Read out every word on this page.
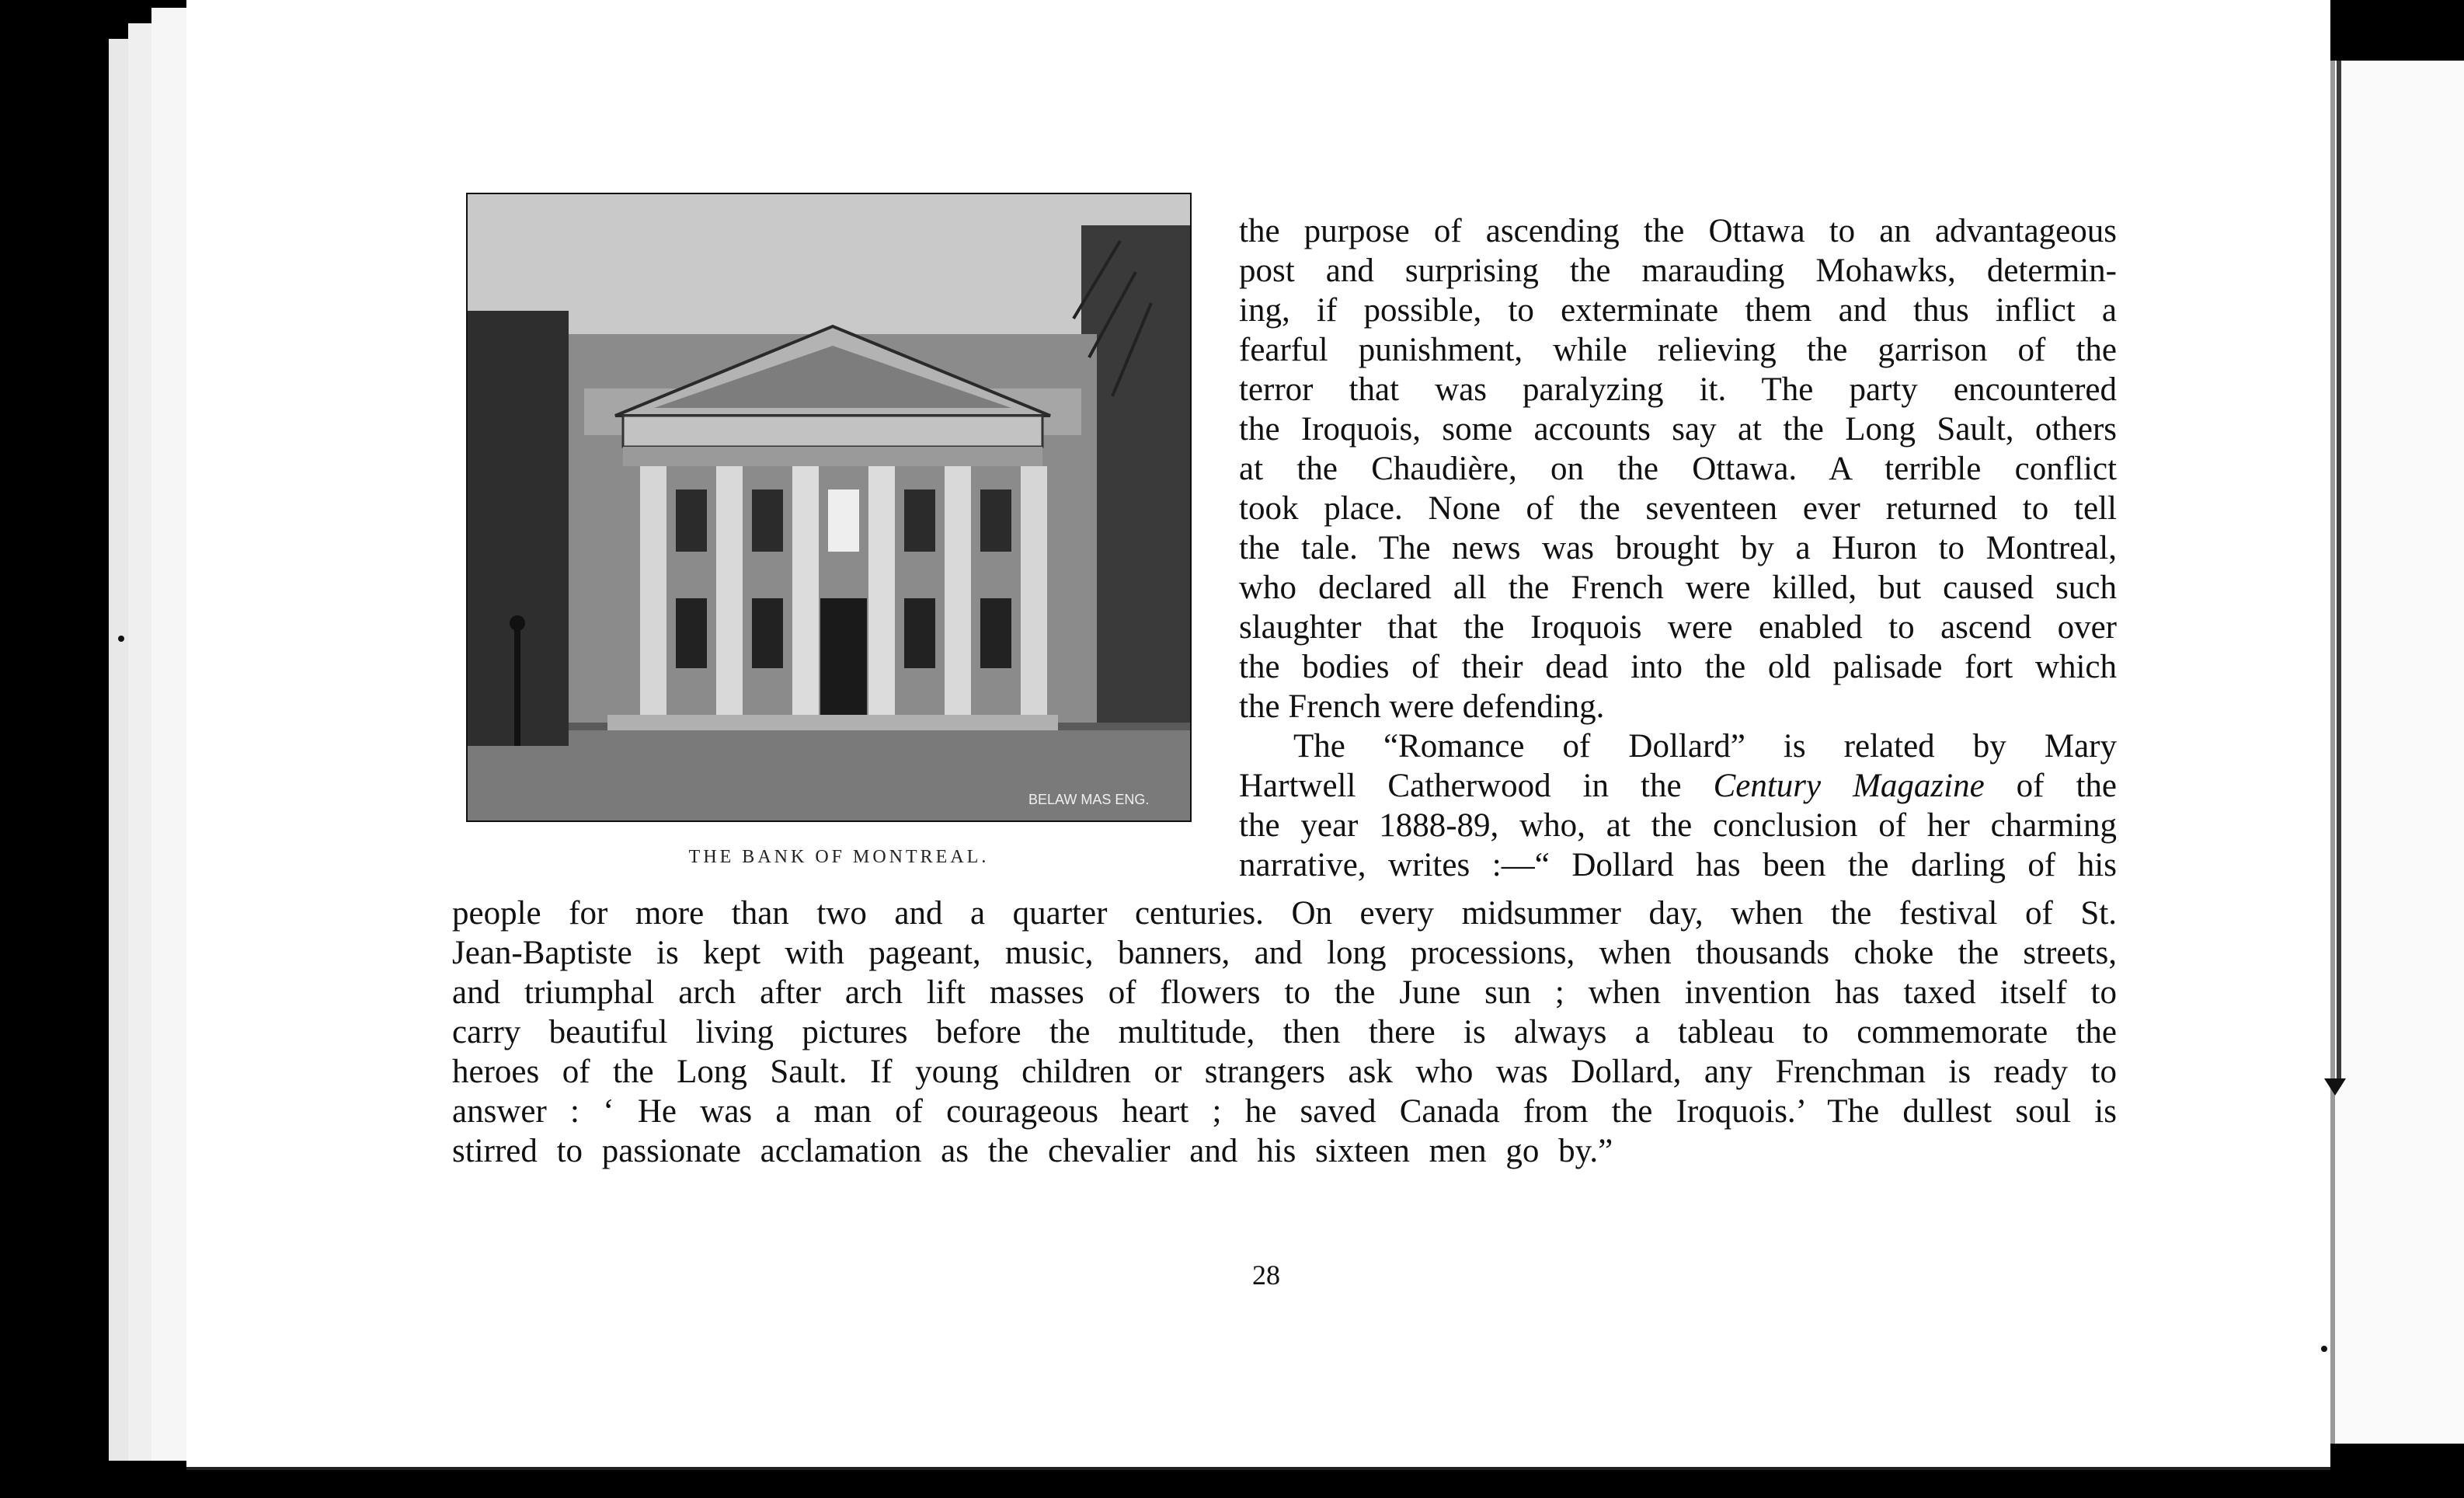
BELAW MAS ENG.
THE BANK OF MONTREAL.
the purpose of ascending the Ottawa to an advantageous
post and surprising the marauding Mohawks, determin-
ing, if possible, to exterminate them and thus inflict a
fearful punishment, while relieving the garrison of the
terror that was paralyzing it. The party encountered
the Iroquois, some accounts say at the Long Sault, others
at the Chaudière, on the Ottawa. A terrible conflict
took place. None of the seventeen ever returned to tell
the tale. The news was brought by a Huron to Montreal,
who declared all the French were killed, but caused such
slaughter that the Iroquois were enabled to ascend over
the bodies of their dead into the old palisade fort which
the French were defending.
The “Romance of Dollard” is related by Mary
Hartwell Catherwood in the Century Magazine of the
the year 1888-89, who, at the conclusion of her charming
narrative, writes :—“ Dollard has been the darling of his
people for more than two and a quarter centuries. On every midsummer day, when the festival of St.
Jean-Baptiste is kept with pageant, music, banners, and long processions, when thousands choke the streets,
and triumphal arch after arch lift masses of flowers to the June sun ; when invention has taxed itself to
carry beautiful living pictures before the multitude, then there is always a tableau to commemorate the
heroes of the Long Sault. If young children or strangers ask who was Dollard, any Frenchman is ready to
answer : ‘ He was a man of courageous heart ; he saved Canada from the Iroquois.’ The dullest soul is
stirred to passionate acclamation as the chevalier and his sixteen men go by.”
28
